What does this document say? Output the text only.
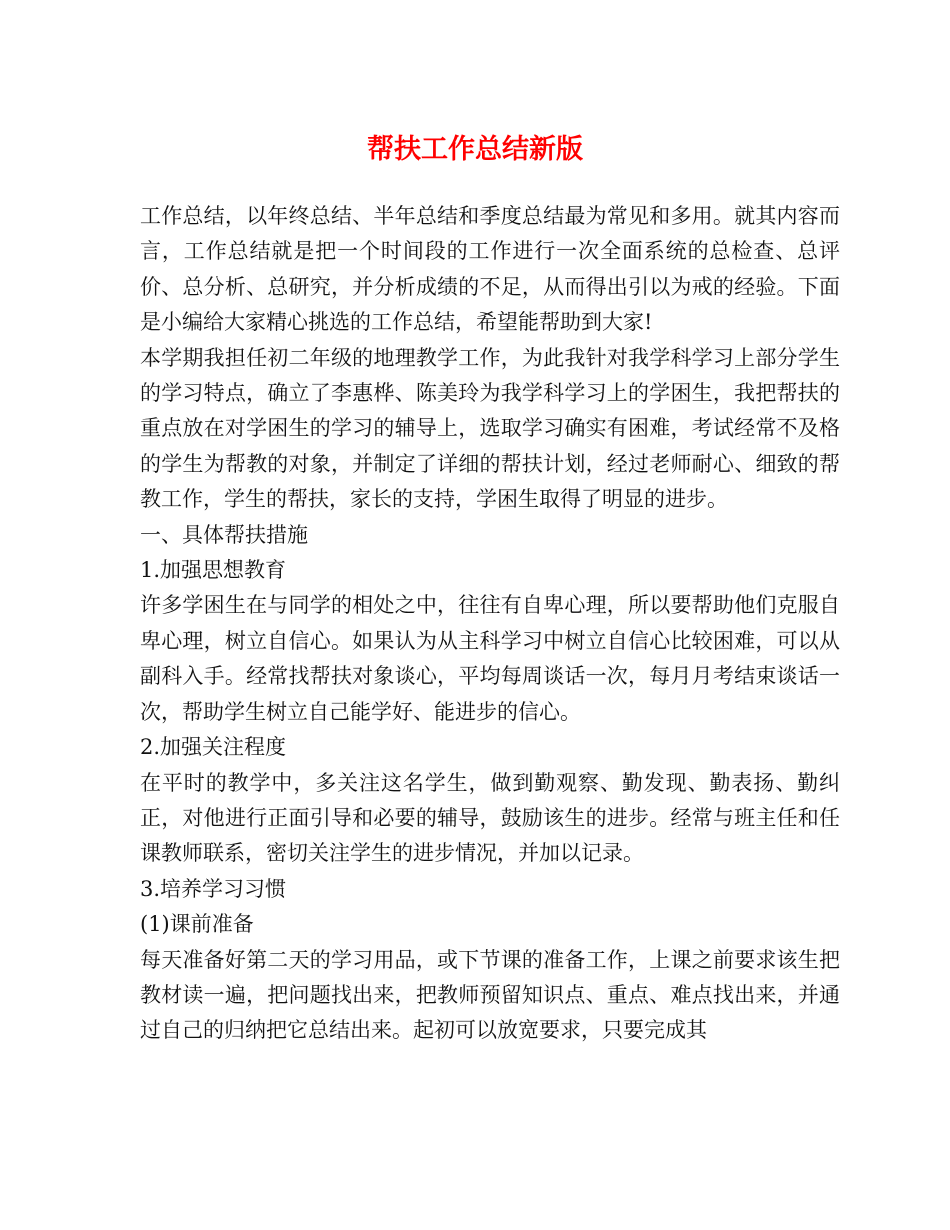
帮扶工作总结新版

工作总结，以年终总结、半年总结和季度总结最为常见和多用。就其内容而言，工作总结就是把一个时间段的工作进行一次全面系统的总检查、总评价、总分析、总研究，并分析成绩的不足，从而得出引以为戒的经验。下面是小编给大家精心挑选的工作总结，希望能帮助到大家!

本学期我担任初二年级的地理教学工作，为此我针对我学科学习上部分学生的学习特点，确立了李惠桦、陈美玲为我学科学习上的学困生，我把帮扶的重点放在对学困生的学习的辅导上，选取学习确实有困难，考试经常不及格的学生为帮教的对象，并制定了详细的帮扶计划，经过老师耐心、细致的帮教工作，学生的帮扶，家长的支持，学困生取得了明显的进步。

一、具体帮扶措施

1.加强思想教育

许多学困生在与同学的相处之中，往往有自卑心理，所以要帮助他们克服自卑心理，树立自信心。如果认为从主科学习中树立自信心比较困难，可以从副科入手。经常找帮扶对象谈心，平均每周谈话一次，每月月考结束谈话一次，帮助学生树立自己能学好、能进步的信心。

2.加强关注程度

在平时的教学中，多关注这名学生，做到勤观察、勤发现、勤表扬、勤纠正，对他进行正面引导和必要的辅导，鼓励该生的进步。经常与班主任和任课教师联系，密切关注学生的进步情况，并加以记录。

3.培养学习习惯

(1)课前准备

每天准备好第二天的学习用品，或下节课的准备工作，上课之前要求该生把教材读一遍，把问题找出来，把教师预留知识点、重点、难点找出来，并通过自己的归纳把它总结出来。起初可以放宽要求，只要完成其
